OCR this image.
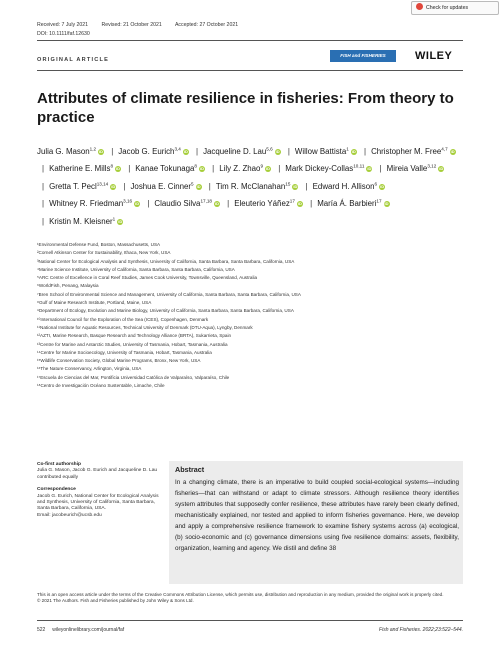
Check for updates
Received: 7 July 2021	Revised: 21 October 2021	Accepted: 27 October 2021
DOI: 10.1111/faf.12630
ORIGINAL ARTICLE
FISH and FISHERIES	WILEY
Attributes of climate resilience in fisheries: From theory to practice
Julia G. Mason$^{1,2}$iD | Jacob G. Eurich$^{3,4}$iD | Jacqueline D. Lau$^{5,6}$iD | Willow Battista$^1$iD | Christopher M. Free$^{4,7}$iD | Katherine E. Mills$^8$iD | Kanae Tokunaga$^8$iD | Lily Z. Zhao$^9$iD | Mark Dickey-Collas$^{10,11}$iD | Mireia Valle$^{3,12}$iD | Gretta T. Pecl$^{13,14}$iD | Joshua E. Cinner$^5$iD | Tim R. McClanahan$^{15}$iD | Edward H. Allison$^6$iD | Whitney R. Friedman$^{3,16}$iD | Claudio Silva$^{17,18}$iD | Eleuterio Yáñez$^{17}$iD | María Á. Barbieri$^{17}$iD | Kristin M. Kleisner$^1$iD
¹Environmental Defense Fund, Boston, Massachusetts, USA
²Cornell Atkinson Center for Sustainability, Ithaca, New York, USA
³National Center for Ecological Analysis and Synthesis, University of California, Santa Barbara, Santa Barbara, California, USA
⁴Marine Science Institute, University of California, Santa Barbara, Santa Barbara, California, USA
⁵ARC Centre of Excellence in Coral Reef Studies, James Cook University, Townsville, Queensland, Australia
⁶WorldFish, Penang, Malaysia
⁷Bren School of Environmental Science and Management, University of California, Santa Barbara, Santa Barbara, California, USA
⁸Gulf of Maine Research Institute, Portland, Maine, USA
⁹Department of Ecology, Evolution and Marine Biology, University of California, Santa Barbara, Santa Barbara, California, USA
¹⁰International Council for the Exploration of the Sea (ICES), Copenhagen, Denmark
¹¹National Institute for Aquatic Resources, Technical University of Denmark (DTU-Aqua), Lyngby, Denmark
¹²AZTI, Marine Research, Basque Research and Technology Alliance (BRTA), Sukarrieta, Spain
¹³Centre for Marine and Antarctic Studies, University of Tasmania, Hobart, Tasmania, Australia
¹⁴Centre for Marine Socioecology, University of Tasmania, Hobart, Tasmania, Australia
¹⁵Wildlife Conservation Society, Global Marine Programs, Bronx, New York, USA
¹⁶The Nature Conservancy, Arlington, Virginia, USA
¹⁷Escuela de Ciencias del Mar, Pontificia Universidad Católica de Valparaíso, Valparaíso, Chile
¹⁸Centro de Investigación Océano Sustentable, Limache, Chile
Co-first authorship
Julia G. Mason, Jacob G. Eurich and Jacqueline D. Lau contributed equally
Correspondence
Jacob G. Eurich, National Center for Ecological Analysis and Synthesis, University of California, Santa Barbara, Santa Barbara, California, USA.
Email: jacobeurich@ucsb.edu
Abstract
In a changing climate, there is an imperative to build coupled social-ecological systems—including fisheries—that can withstand or adapt to climate stressors. Although resilience theory identifies system attributes that supposedly confer resilience, these attributes have rarely been clearly defined, mechanistically explained, nor tested and applied to inform fisheries governance. Here, we develop and apply a comprehensive resilience framework to examine fishery systems across (a) ecological, (b) socio-economic and (c) governance dimensions using five resilience domains: assets, flexibility, organization, learning and agency. We distil and define 38
This is an open access article under the terms of the Creative Commons Attribution License, which permits use, distribution and reproduction in any medium, provided the original work is properly cited.
© 2021 The Authors. Fish and Fisheries published by John Wiley & Sons Ltd.
522     wileyonlinelibrary.com/journal/faf	Fish and Fisheries. 2022;23:522–544.
